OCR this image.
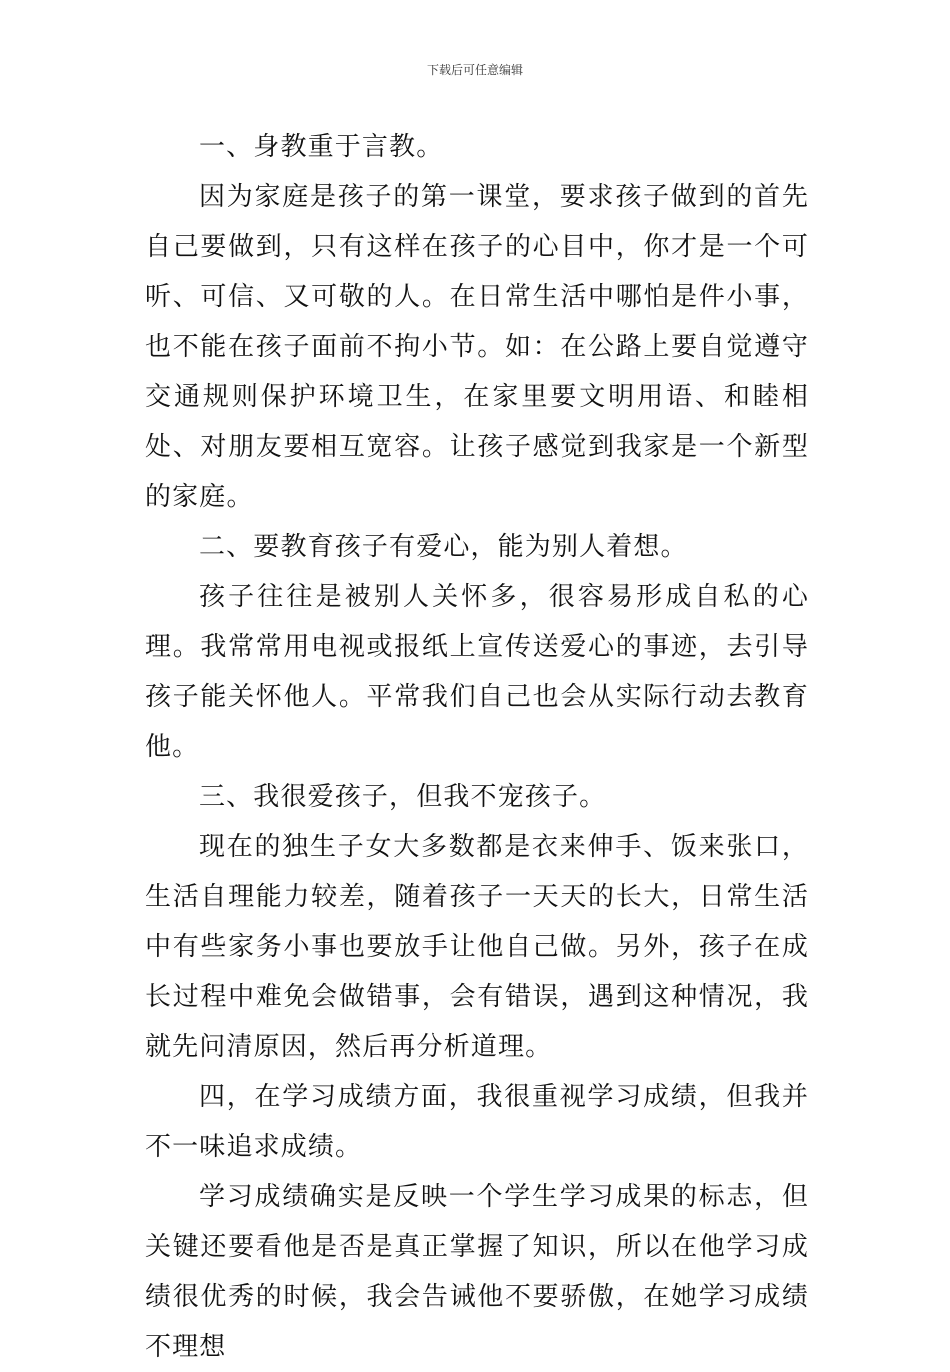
下载后可任意编辑

一、身教重于言教。

因为家庭是孩子的第一课堂，要求孩子做到的首先自己要做到，只有这样在孩子的心目中，你才是一个可听、可信、又可敬的人。在日常生活中哪怕是件小事，也不能在孩子面前不拘小节。如：在公路上要自觉遵守交通规则保护环境卫生，在家里要文明用语、和睦相处、对朋友要相互宽容。让孩子感觉到我家是一个新型的家庭。

二、要教育孩子有爱心，能为别人着想。

孩子往往是被别人关怀多，很容易形成自私的心理。我常常用电视或报纸上宣传送爱心的事迹，去引导孩子能关怀他人。平常我们自己也会从实际行动去教育他。

三、我很爱孩子，但我不宠孩子。

现在的独生子女大多数都是衣来伸手、饭来张口，生活自理能力较差，随着孩子一天天的长大，日常生活中有些家务小事也要放手让他自己做。另外，孩子在成长过程中难免会做错事，会有错误，遇到这种情况，我就先问清原因，然后再分析道理。

四，在学习成绩方面，我很重视学习成绩，但我并不一味追求成绩。

学习成绩确实是反映一个学生学习成果的标志，但关键还要看他是否是真正掌握了知识，所以在他学习成绩很优秀的时候，我会告诫他不要骄傲，在她学习成绩不理想
